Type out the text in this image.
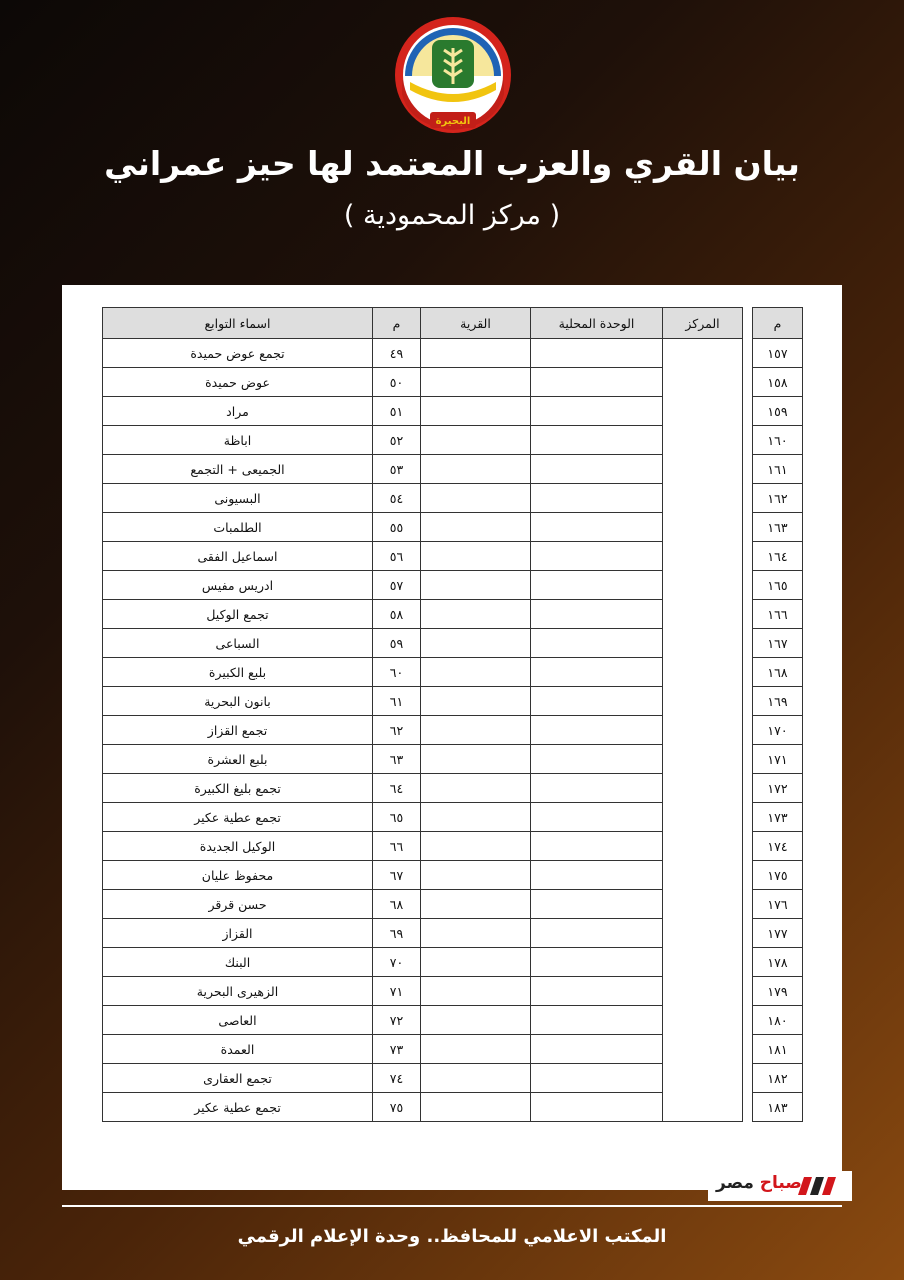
البحيرة
بيان القري والعزب المعتمد لها حيز عمراني
( مركز المحمودية )
م		المركز	الوحدة المحلية	القرية	م	اسماء التوابع
١٥٧					٤٩	تجمع عوض حميدة
١٥٨					٥٠	عوض حميدة
١٥٩					٥١	مراد
١٦٠					٥٢	اباظة
١٦١					٥٣	الجميعى + التجمع
١٦٢					٥٤	البسيونى
١٦٣					٥٥	الطلمبات
١٦٤					٥٦	اسماعيل الفقى
١٦٥					٥٧	ادريس مفيس
١٦٦					٥٨	تجمع الوكيل
١٦٧					٥٩	السباعى
١٦٨					٦٠	بلبع الكبيرة
١٦٩					٦١	بانون البحرية
١٧٠					٦٢	تجمع القزاز
١٧١					٦٣	بلبع العشرة
١٧٢					٦٤	تجمع بليغ الكبيرة
١٧٣					٦٥	تجمع عطية عكير
١٧٤					٦٦	الوكيل الجديدة
١٧٥					٦٧	محفوظ عليان
١٧٦					٦٨	حسن قرقر
١٧٧					٦٩	القزاز
١٧٨					٧٠	البنك
١٧٩					٧١	الزهيرى البحرية
١٨٠					٧٢	العاصى
١٨١					٧٣	العمدة
١٨٢					٧٤	تجمع العقارى
١٨٣					٧٥	تجمع عطية عكير
صباح مصر
المكتب الاعلامي للمحافظ.. وحدة الإعلام الرقمي
